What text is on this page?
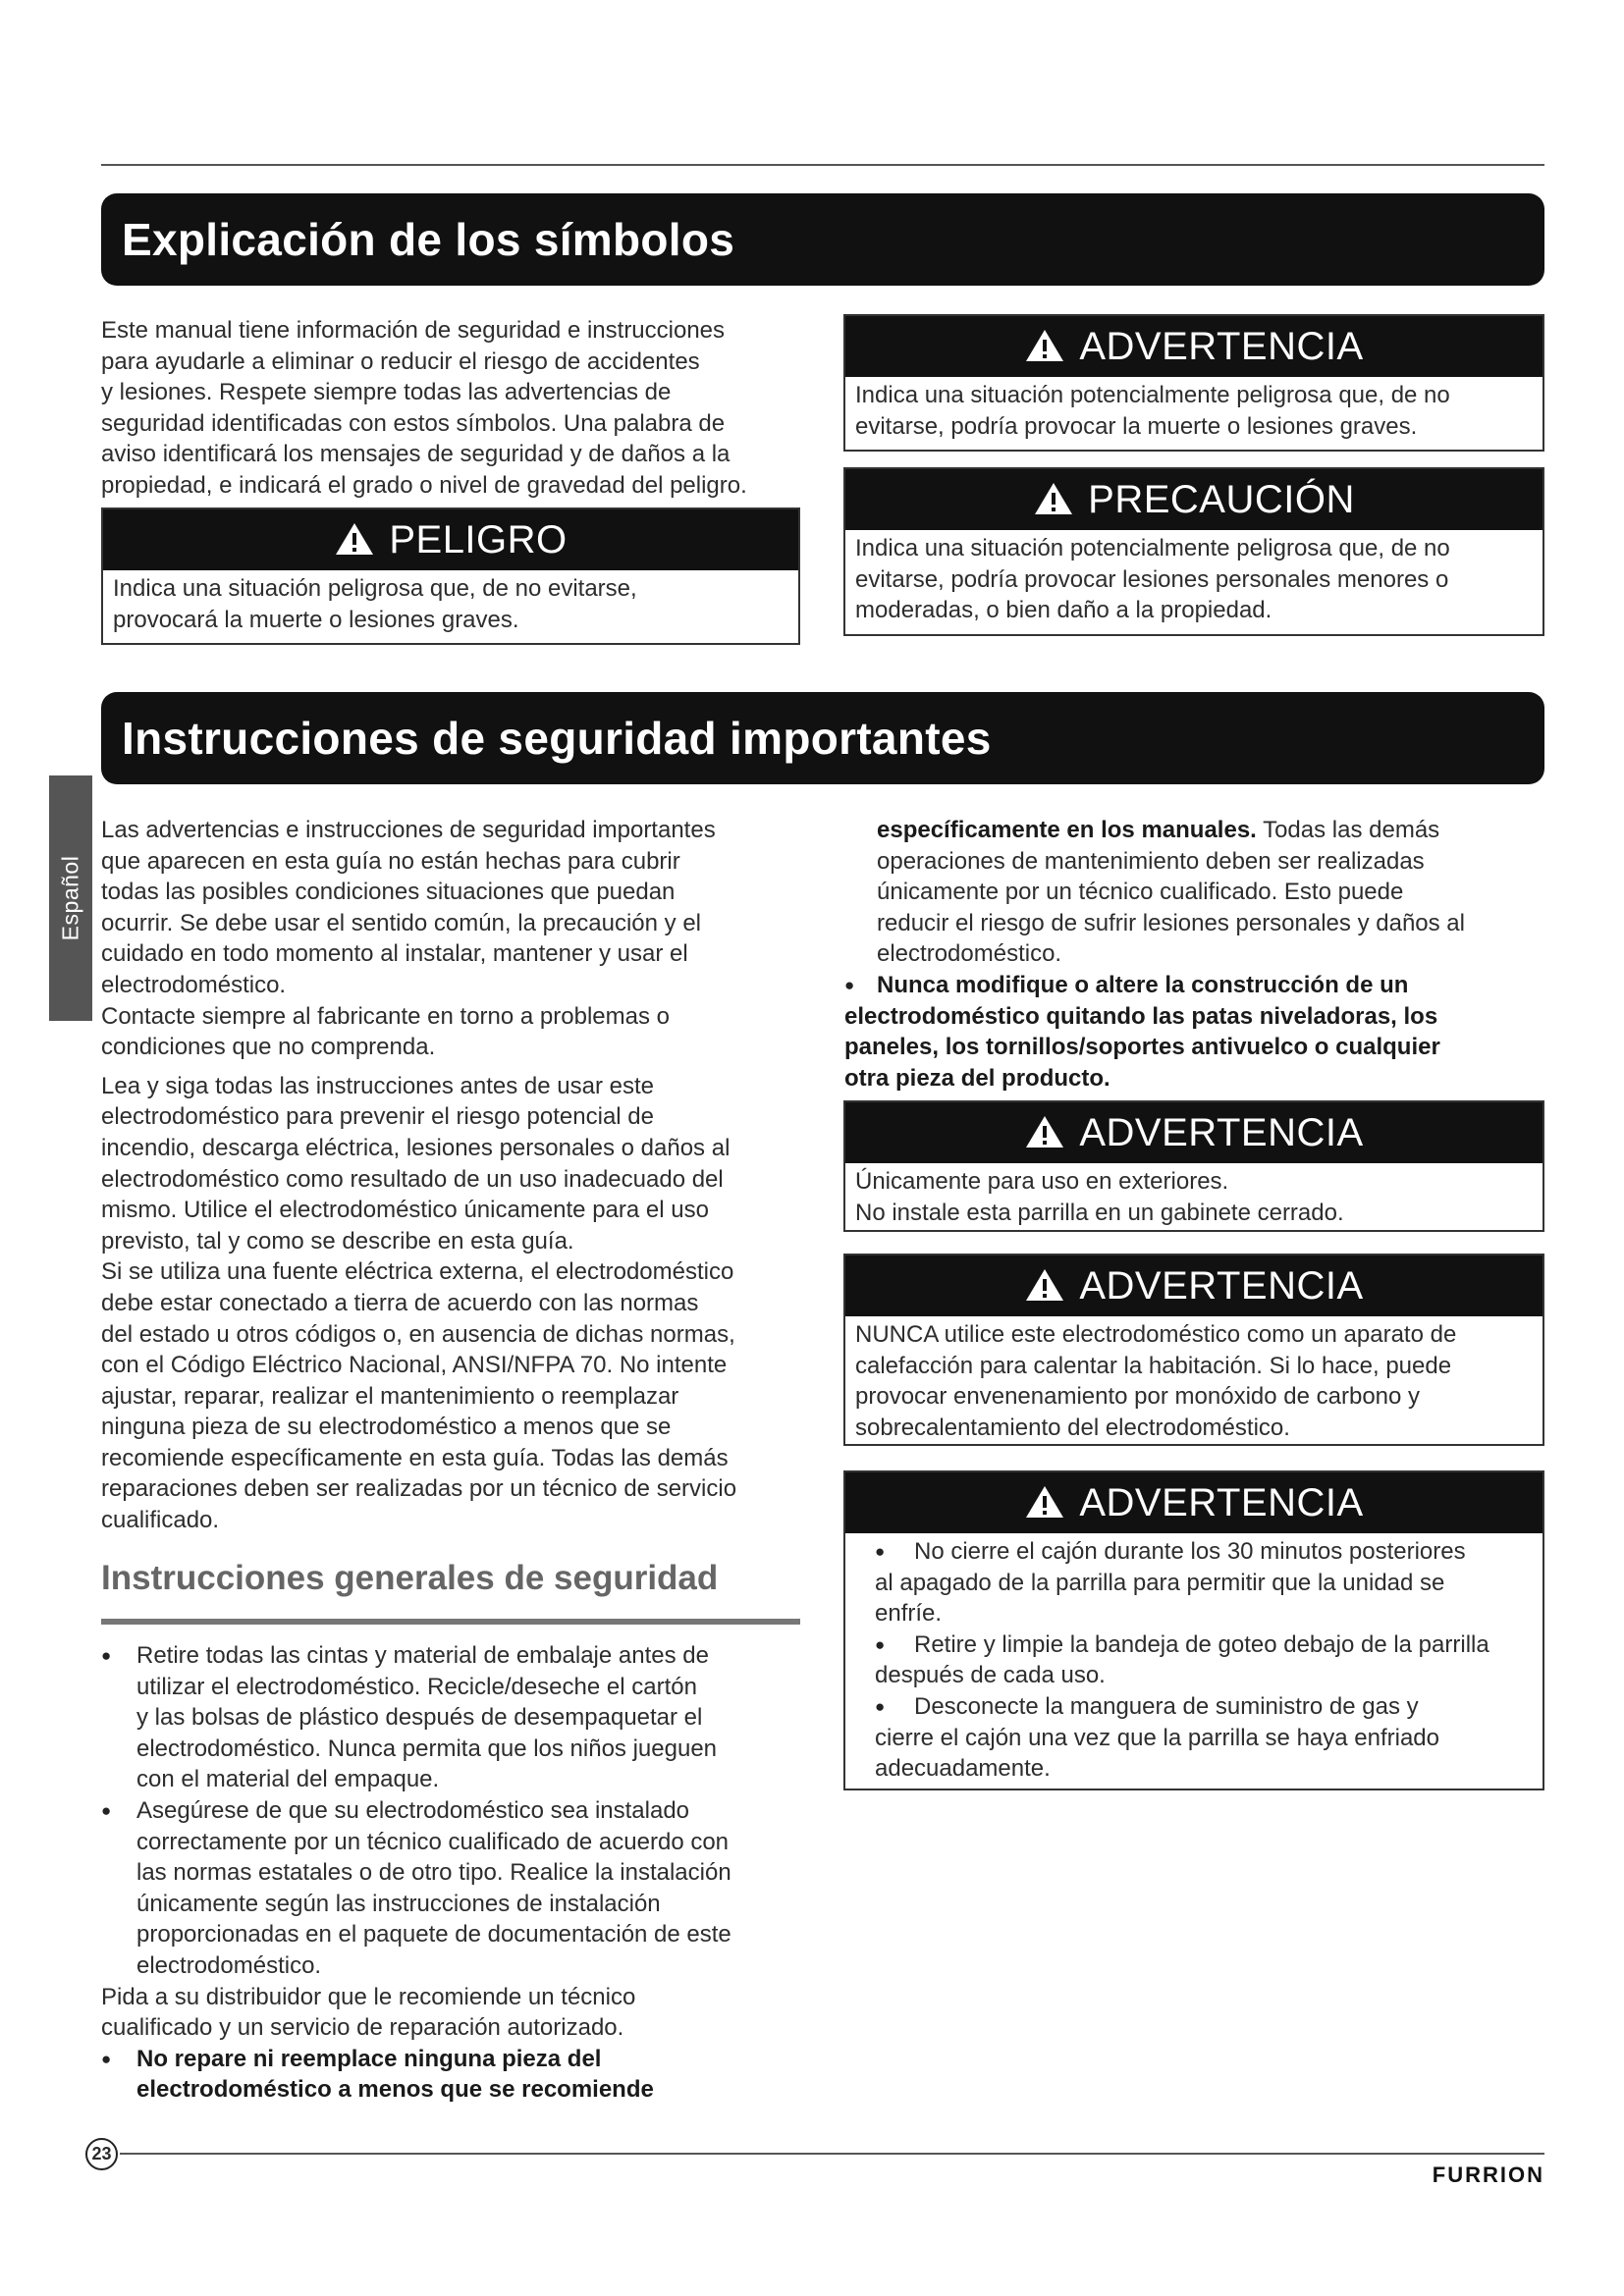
Explicación de los símbolos

Este manual tiene información de seguridad e instrucciones

para ayudarle a eliminar o reducir el riesgo de accidentes

y lesiones. Respete siempre todas las advertencias de

seguridad identificadas con estos símbolos. Una palabra de

aviso identificará los mensajes de seguridad y de daños a la

propiedad, e indicará el grado o nivel de gravedad del peligro.

PELIGRO

Indica una situación peligrosa que, de no evitarse,

provocará la muerte o lesiones graves.

ADVERTENCIA

Indica una situación potencialmente peligrosa que, de no

evitarse, podría provocar la muerte o lesiones graves.

PRECAUCIÓN

Indica una situación potencialmente peligrosa que, de no

evitarse, podría provocar lesiones personales menores o

moderadas, o bien daño a la propiedad.

Instrucciones de seguridad importantes
Español

Las advertencias e instrucciones de seguridad importantes

que aparecen en esta guía no están hechas para cubrir

todas las posibles condiciones situaciones que puedan

ocurrir. Se debe usar el sentido común, la precaución y el

cuidado en todo momento al instalar, mantener y usar el

electrodoméstico.

Contacte siempre al fabricante en torno a problemas o

condiciones que no comprenda.

Lea y siga todas las instrucciones antes de usar este

electrodoméstico para prevenir el riesgo potencial de

incendio, descarga eléctrica, lesiones personales o daños al

electrodoméstico como resultado de un uso inadecuado del

mismo. Utilice el electrodoméstico únicamente para el uso

previsto, tal y como se describe en esta guía.

Si se utiliza una fuente eléctrica externa, el electrodoméstico

debe estar conectado a tierra de acuerdo con las normas

del estado u otros códigos o, en ausencia de dichas normas,

con el Código Eléctrico Nacional, ANSI/NFPA 70. No intente

ajustar, reparar, realizar el mantenimiento o reemplazar

ninguna pieza de su electrodoméstico a menos que se

recomiende específicamente en esta guía. Todas las demás

reparaciones deben ser realizadas por un técnico de servicio

cualificado.

Instrucciones generales de seguridad

● Retire todas las cintas y material de embalaje antes de

utilizar el electrodoméstico. Recicle/deseche el cartón

y las bolsas de plástico después de desempaquetar el

electrodoméstico. Nunca permita que los niños jueguen

con el material del empaque.

● Asegúrese de que su electrodoméstico sea instalado

correctamente por un técnico cualificado de acuerdo con

las normas estatales o de otro tipo. Realice la instalación

únicamente según las instrucciones de instalación

proporcionadas en el paquete de documentación de este

electrodoméstico.

Pida a su distribuidor que le recomiende un técnico

cualificado y un servicio de reparación autorizado.

● No repare ni reemplace ninguna pieza del

electrodoméstico a menos que se recomiende

específicamente en los manuales. Todas las demás

operaciones de mantenimiento deben ser realizadas

únicamente por un técnico cualificado. Esto puede

reducir el riesgo de sufrir lesiones personales y daños al

electrodoméstico.

● Nunca modifique o altere la construcción de un

electrodoméstico quitando las patas niveladoras, los

paneles, los tornillos/soportes antivuelco o cualquier

otra pieza del producto.

ADVERTENCIA

Únicamente para uso en exteriores.

No instale esta parrilla en un gabinete cerrado.

ADVERTENCIA

NUNCA utilice este electrodoméstico como un aparato de

calefacción para calentar la habitación. Si lo hace, puede

provocar envenenamiento por monóxido de carbono y

sobrecalentamiento del electrodoméstico.

ADVERTENCIA

● No cierre el cajón durante los 30 minutos posteriores

al apagado de la parrilla para permitir que la unidad se

enfríe.

● Retire y limpie la bandeja de goteo debajo de la parrilla

después de cada uso.

● Desconecte la manguera de suministro de gas y

cierre el cajón una vez que la parrilla se haya enfriado

adecuadamente.

23
FURRION
